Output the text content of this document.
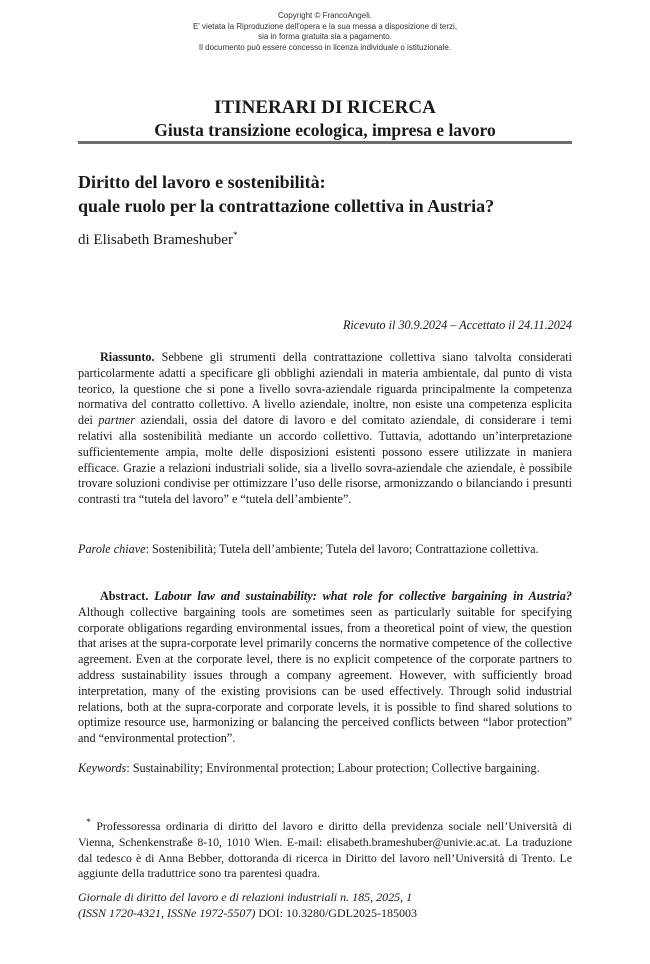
Copyright © FrancoAngeli.
E' vietata la Riproduzione dell'opera e la sua messa a disposizione di terzi,
sia in forma gratuita sia a pagamento.
Il documento può essere concesso in licenza individuale o istituzionale.
ITINERARI DI RICERCA
Giusta transizione ecologica, impresa e lavoro
Diritto del lavoro e sostenibilità:
quale ruolo per la contrattazione collettiva in Austria?
di Elisabeth Brameshuber*
Ricevuto il 30.9.2024 – Accettato il 24.11.2024

Riassunto. Sebbene gli strumenti della contrattazione collettiva siano talvolta considerati particolarmente adatti a specificare gli obblighi aziendali in materia ambientale, dal punto di vista teorico, la questione che si pone a livello sovra-aziendale riguarda principalmente la competenza normativa del contratto collettivo. A livello aziendale, inoltre, non esiste una competenza esplicita dei partner aziendali, ossia del datore di lavoro e del comitato aziendale, di considerare i temi relativi alla sostenibilità mediante un accordo collettivo. Tuttavia, adottando un’interpretazione sufficientemente ampia, molte delle disposizioni esistenti possono essere utilizzate in maniera efficace. Grazie a relazioni industriali solide, sia a livello sovra-aziendale che aziendale, è possibile trovare soluzioni condivise per ottimizzare l’uso delle risorse, armonizzando o bilanciando i presunti contrasti tra “tutela del lavoro” e “tutela dell’ambiente”.

Parole chiave: Sostenibilità; Tutela dell’ambiente; Tutela del lavoro; Contrattazione collettiva.

Abstract. Labour law and sustainability: what role for collective bargaining in Austria? Although collective bargaining tools are sometimes seen as particularly suitable for specifying corporate obligations regarding environmental issues, from a theoretical point of view, the question that arises at the supra-corporate level primarily concerns the normative competence of the collective agreement. Even at the corporate level, there is no explicit competence of the corporate partners to address sustainability issues through a company agreement. However, with sufficiently broad interpretation, many of the existing provisions can be used effectively. Through solid industrial relations, both at the supra-corporate and corporate levels, it is possible to find shared solutions to optimize resource use, harmonizing or balancing the perceived conflicts between “labor protection” and “environmental protection”.

Keywords: Sustainability; Environmental protection; Labour protection; Collective bargaining.

* Professoressa ordinaria di diritto del lavoro e diritto della previdenza sociale nell’Università di Vienna, Schenkenstraße 8-10, 1010 Wien. E-mail: elisabeth.brameshuber@univie.ac.at. La traduzione dal tedesco è di Anna Bebber, dottoranda di ricerca in Diritto del lavoro nell’Università di Trento. Le aggiunte della traduttrice sono tra parentesi quadra.

Giornale di diritto del lavoro e di relazioni industriali n. 185, 2025, 1
(ISSN 1720-4321, ISSNe 1972-5507) DOI: 10.3280/GDL2025-185003
